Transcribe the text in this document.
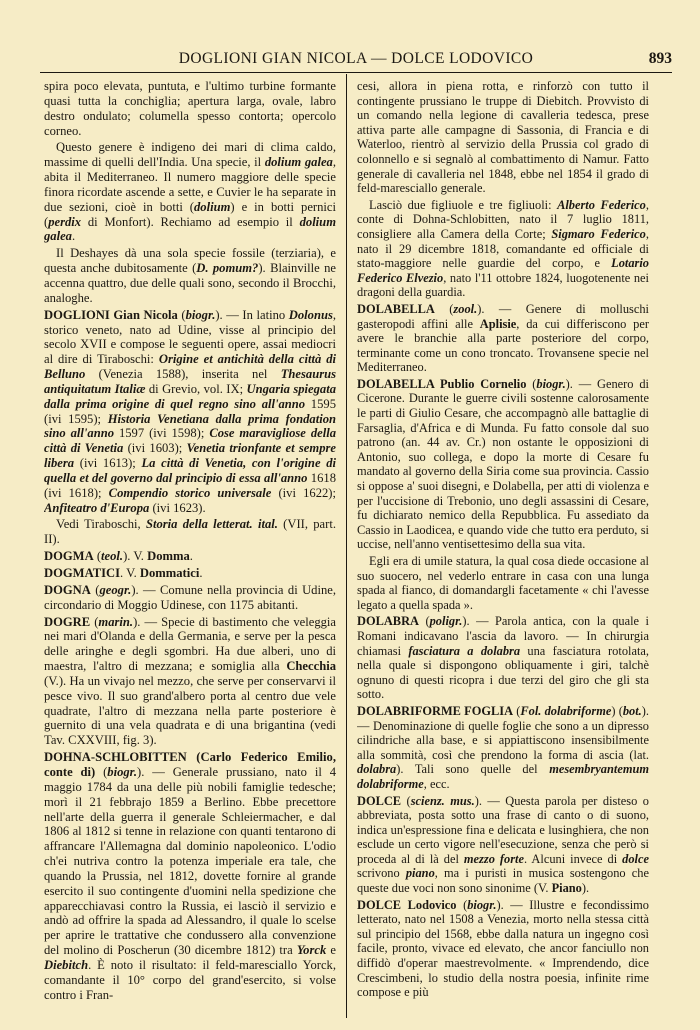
DOGLIONI GIAN NICOLA — DOLCE LODOVICO	893

spira poco elevata, puntuta, e l'ultimo turbine formante quasi tutta la conchiglia; apertura larga, ovale, labro destro ondulato; columella spesso contorta; opercolo corneo.

Questo genere è indigeno dei mari di clima caldo, massime di quelli dell'India. Una specie, il dolium galea, abita il Mediterraneo. Il numero maggiore delle specie finora ricordate ascende a sette, e Cuvier le ha separate in due sezioni, cioè in botti (dolium) e in botti pernici (perdix di Monfort). Rechiamo ad esempio il dolium galea.

Il Deshayes dà una sola specie fossile (terziaria), e questa anche dubitosamente (D. pomum?). Blainville ne accenna quattro, due delle quali sono, secondo il Brocchi, analoghe.

DOGLIONI Gian Nicola (biogr.). — In latino Dolonus, storico veneto, nato ad Udine, visse al principio del secolo XVII e compose le seguenti opere, assai mediocri al dire di Tiraboschi: Origine et antichità della città di Belluno (Venezia 1588), inserita nel Thesaurus antiquitatum Italiæ di Grevio, vol. IX; Ungaria spiegata dalla prima origine di quel regno sino all'anno 1595 (ivi 1595); Historia Venetiana dalla prima fondation sino all'anno 1597 (ivi 1598); Cose maravigliose della città di Venetia (ivi 1603); Venetia trionfante et sempre libera (ivi 1613); La città di Venetia, con l'origine di quella et del governo dal principio di essa all'anno 1618 (ivi 1618); Compendio storico universale (ivi 1622); Anfiteatro d'Europa (ivi 1623).

Vedi Tiraboschi, Storia della letterat. ital. (VII, part. II).

DOGMA (teol.). V. Domma.

DOGMATICI. V. Dommatici.

DOGNA (geogr.). — Comune nella provincia di Udine, circondario di Moggio Udinese, con 1175 abitanti.

DOGRE (marin.). — Specie di bastimento che veleggia nei mari d'Olanda e della Germania, e serve per la pesca delle aringhe e degli sgombri. Ha due alberi, uno di maestra, l'altro di mezzana; e somiglia alla Checchia (V.). Ha un vivajo nel mezzo, che serve per conservarvi il pesce vivo. Il suo grand'albero porta al centro due vele quadrate, l'altro di mezzana nella parte posteriore è guernito di una vela quadrata e di una brigantina (vedi Tav. CXXVIII, fig. 3).

DOHNA-SCHLOBITTEN (Carlo Federico Emilio, conte di) (biogr.). — Generale prussiano, nato il 4 maggio 1784 da una delle più nobili famiglie tedesche; morì il 21 febbrajo 1859 a Berlino. Ebbe precettore nell'arte della guerra il generale Schleiermacher, e dal 1806 al 1812 si tenne in relazione con quanti tentarono di affrancare l'Allemagna dal dominio napoleonico. L'odio ch'ei nutriva contro la potenza imperiale era tale, che quando la Prussia, nel 1812, dovette fornire al grande esercito il suo contingente d'uomini nella spedizione che apparecchiavasi contro la Russia, ei lasciò il servizio e andò ad offrire la spada ad Alessandro, il quale lo scelse per aprire le trattative che condussero alla convenzione del molino di Poscherun (30 dicembre 1812) tra Yorck e Diebitch. È noto il risultato: il feld-maresciallo Yorck, comandante il 10° corpo del grand'esercito, si volse contro i Fran-

cesi, allora in piena rotta, e rinforzò con tutto il contingente prussiano le truppe di Diebitch. Provvisto di un comando nella legione di cavalleria tedesca, prese attiva parte alle campagne di Sassonia, di Francia e di Waterloo, rientrò al servizio della Prussia col grado di colonnello e si segnalò al combattimento di Namur. Fatto generale di cavalleria nel 1848, ebbe nel 1854 il grado di feld-maresciallo generale.

Lasciò due figliuole e tre figliuoli: Alberto Federico, conte di Dohna-Schlobitten, nato il 7 luglio 1811, consigliere alla Camera della Corte; Sigmaro Federico, nato il 29 dicembre 1818, comandante ed officiale di stato-maggiore nelle guardie del corpo, e Lotario Federico Elvezio, nato l'11 ottobre 1824, luogotenente nei dragoni della guardia.

DOLABELLA (zool.). — Genere di molluschi gasteropodi affini alle Aplisie, da cui differiscono per avere le branchie alla parte posteriore del corpo, terminante come un cono troncato. Trovansene specie nel Mediterraneo.

DOLABELLA Publio Cornelio (biogr.). — Genero di Cicerone. Durante le guerre civili sostenne calorosamente le parti di Giulio Cesare, che accompagnò alle battaglie di Farsaglia, d'Africa e di Munda. Fu fatto console dal suo patrono (an. 44 av. Cr.) non ostante le opposizioni di Antonio, suo collega, e dopo la morte di Cesare fu mandato al governo della Siria come sua provincia. Cassio si oppose a' suoi disegni, e Dolabella, per atti di violenza e per l'uccisione di Trebonio, uno degli assassini di Cesare, fu dichiarato nemico della Repubblica. Fu assediato da Cassio in Laodicea, e quando vide che tutto era perduto, si uccise, nell'anno ventisettesimo della sua vita.

Egli era di umile statura, la qual cosa diede occasione al suo suocero, nel vederlo entrare in casa con una lunga spada al fianco, di domandargli facetamente « chi l'avesse legato a quella spada ».

DOLABRA (poligr.). — Parola antica, con la quale i Romani indicavano l'ascia da lavoro. — In chirurgia chiamasi fasciatura a dolabra una fasciatura rotolata, nella quale si dispongono obliquamente i giri, talchè ognuno di questi ricopra i due terzi del giro che gli sta sotto.

DOLABRIFORME FOGLIA (Fol. dolabriforme) (bot.). — Denominazione di quelle foglie che sono a un dipresso cilindriche alla base, e si appiattiscono insensibilmente alla sommità, così che prendono la forma di ascia (lat. dolabra). Tali sono quelle del mesembryantemum dolabriforme, ecc.

DOLCE (scienz. mus.). — Questa parola per disteso o abbreviata, posta sotto una frase di canto o di suono, indica un'espressione fina e delicata e lusinghiera, che non esclude un certo vigore nell'esecuzione, senza che però si proceda al di là del mezzo forte. Alcuni invece di dolce scrivono piano, ma i puristi in musica sostengono che queste due voci non sono sinonime (V. Piano).

DOLCE Lodovico (biogr.). — Illustre e fecondissimo letterato, nato nel 1508 a Venezia, morto nella stessa città sul principio del 1568, ebbe dalla natura un ingegno così facile, pronto, vivace ed elevato, che ancor fanciullo non diffidò d'operar maestrevolmente. « Imprendendo, dice Crescimbeni, lo studio della nostra poesia, infinite rime compose e più
